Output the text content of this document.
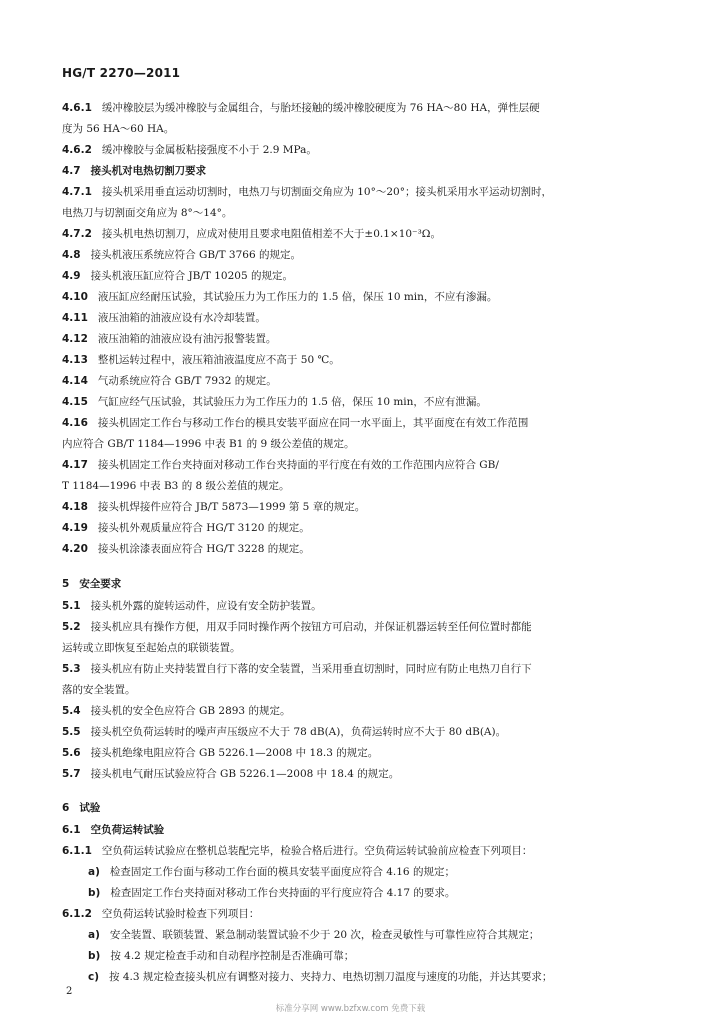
HG/T 2270—2011
4.6.1 缓冲橡胶层为缓冲橡胶与金属组合，与胎坯接触的缓冲橡胶硬度为 76 HA～80 HA，弹性层硬
度为 56 HA～60 HA。
4.6.2 缓冲橡胶与金属板粘接强度不小于 2.9 MPa。
4.7 接头机对电热切割刀要求
4.7.1 接头机采用垂直运动切割时，电热刀与切割面交角应为 10°～20°；接头机采用水平运动切割时，
电热刀与切割面交角应为 8°～14°。
4.7.2 接头机电热切割刀，应成对使用且要求电阻值相差不大于±0.1×10⁻³Ω。
4.8 接头机液压系统应符合 GB/T 3766 的规定。
4.9 接头机液压缸应符合 JB/T 10205 的规定。
4.10 液压缸应经耐压试验，其试验压力为工作压力的 1.5 倍，保压 10 min，不应有渗漏。
4.11 液压油箱的油液应设有水冷却装置。
4.12 液压油箱的油液应设有油污报警装置。
4.13 整机运转过程中，液压箱油液温度应不高于 50 ℃。
4.14 气动系统应符合 GB/T 7932 的规定。
4.15 气缸应经气压试验，其试验压力为工作压力的 1.5 倍，保压 10 min，不应有泄漏。
4.16 接头机固定工作台与移动工作台的模具安装平面应在同一水平面上，其平面度在有效工作范围
内应符合 GB/T 1184—1996 中表 B1 的 9 级公差值的规定。
4.17 接头机固定工作台夹持面对移动工作台夹持面的平行度在有效的工作范围内应符合 GB/
T 1184—1996 中表 B3 的 8 级公差值的规定。
4.18 接头机焊接件应符合 JB/T 5873—1999 第 5 章的规定。
4.19 接头机外观质量应符合 HG/T 3120 的规定。
4.20 接头机涂漆表面应符合 HG/T 3228 的规定。
5 安全要求
5.1 接头机外露的旋转运动件，应设有安全防护装置。
5.2 接头机应具有操作方便，用双手同时操作两个按钮方可启动，并保证机器运转至任何位置时都能
运转或立即恢复至起始点的联锁装置。
5.3 接头机应有防止夹持装置自行下落的安全装置，当采用垂直切割时，同时应有防止电热刀自行下
落的安全装置。
5.4 接头机的安全色应符合 GB 2893 的规定。
5.5 接头机空负荷运转时的噪声声压级应不大于 78 dB(A)，负荷运转时应不大于 80 dB(A)。
5.6 接头机绝缘电阻应符合 GB 5226.1—2008 中 18.3 的规定。
5.7 接头机电气耐压试验应符合 GB 5226.1—2008 中 18.4 的规定。
6 试验
6.1 空负荷运转试验
6.1.1 空负荷运转试验应在整机总装配完毕，检验合格后进行。空负荷运转试验前应检查下列项目：
a) 检查固定工作台面与移动工作台面的模具安装平面度应符合 4.16 的规定；
b) 检查固定工作台夹持面对移动工作台夹持面的平行度应符合 4.17 的要求。
6.1.2 空负荷运转试验时检查下列项目：
a) 安全装置、联锁装置、紧急制动装置试验不少于 20 次，检查灵敏性与可靠性应符合其规定；
b) 按 4.2 规定检查手动和自动程序控制是否准确可靠；
c) 按 4.3 规定检查接头机应有调整对接力、夹持力、电热切割刀温度与速度的功能，并达其要求；
2
标准分享网 www.bzfxw.com 免费下载
